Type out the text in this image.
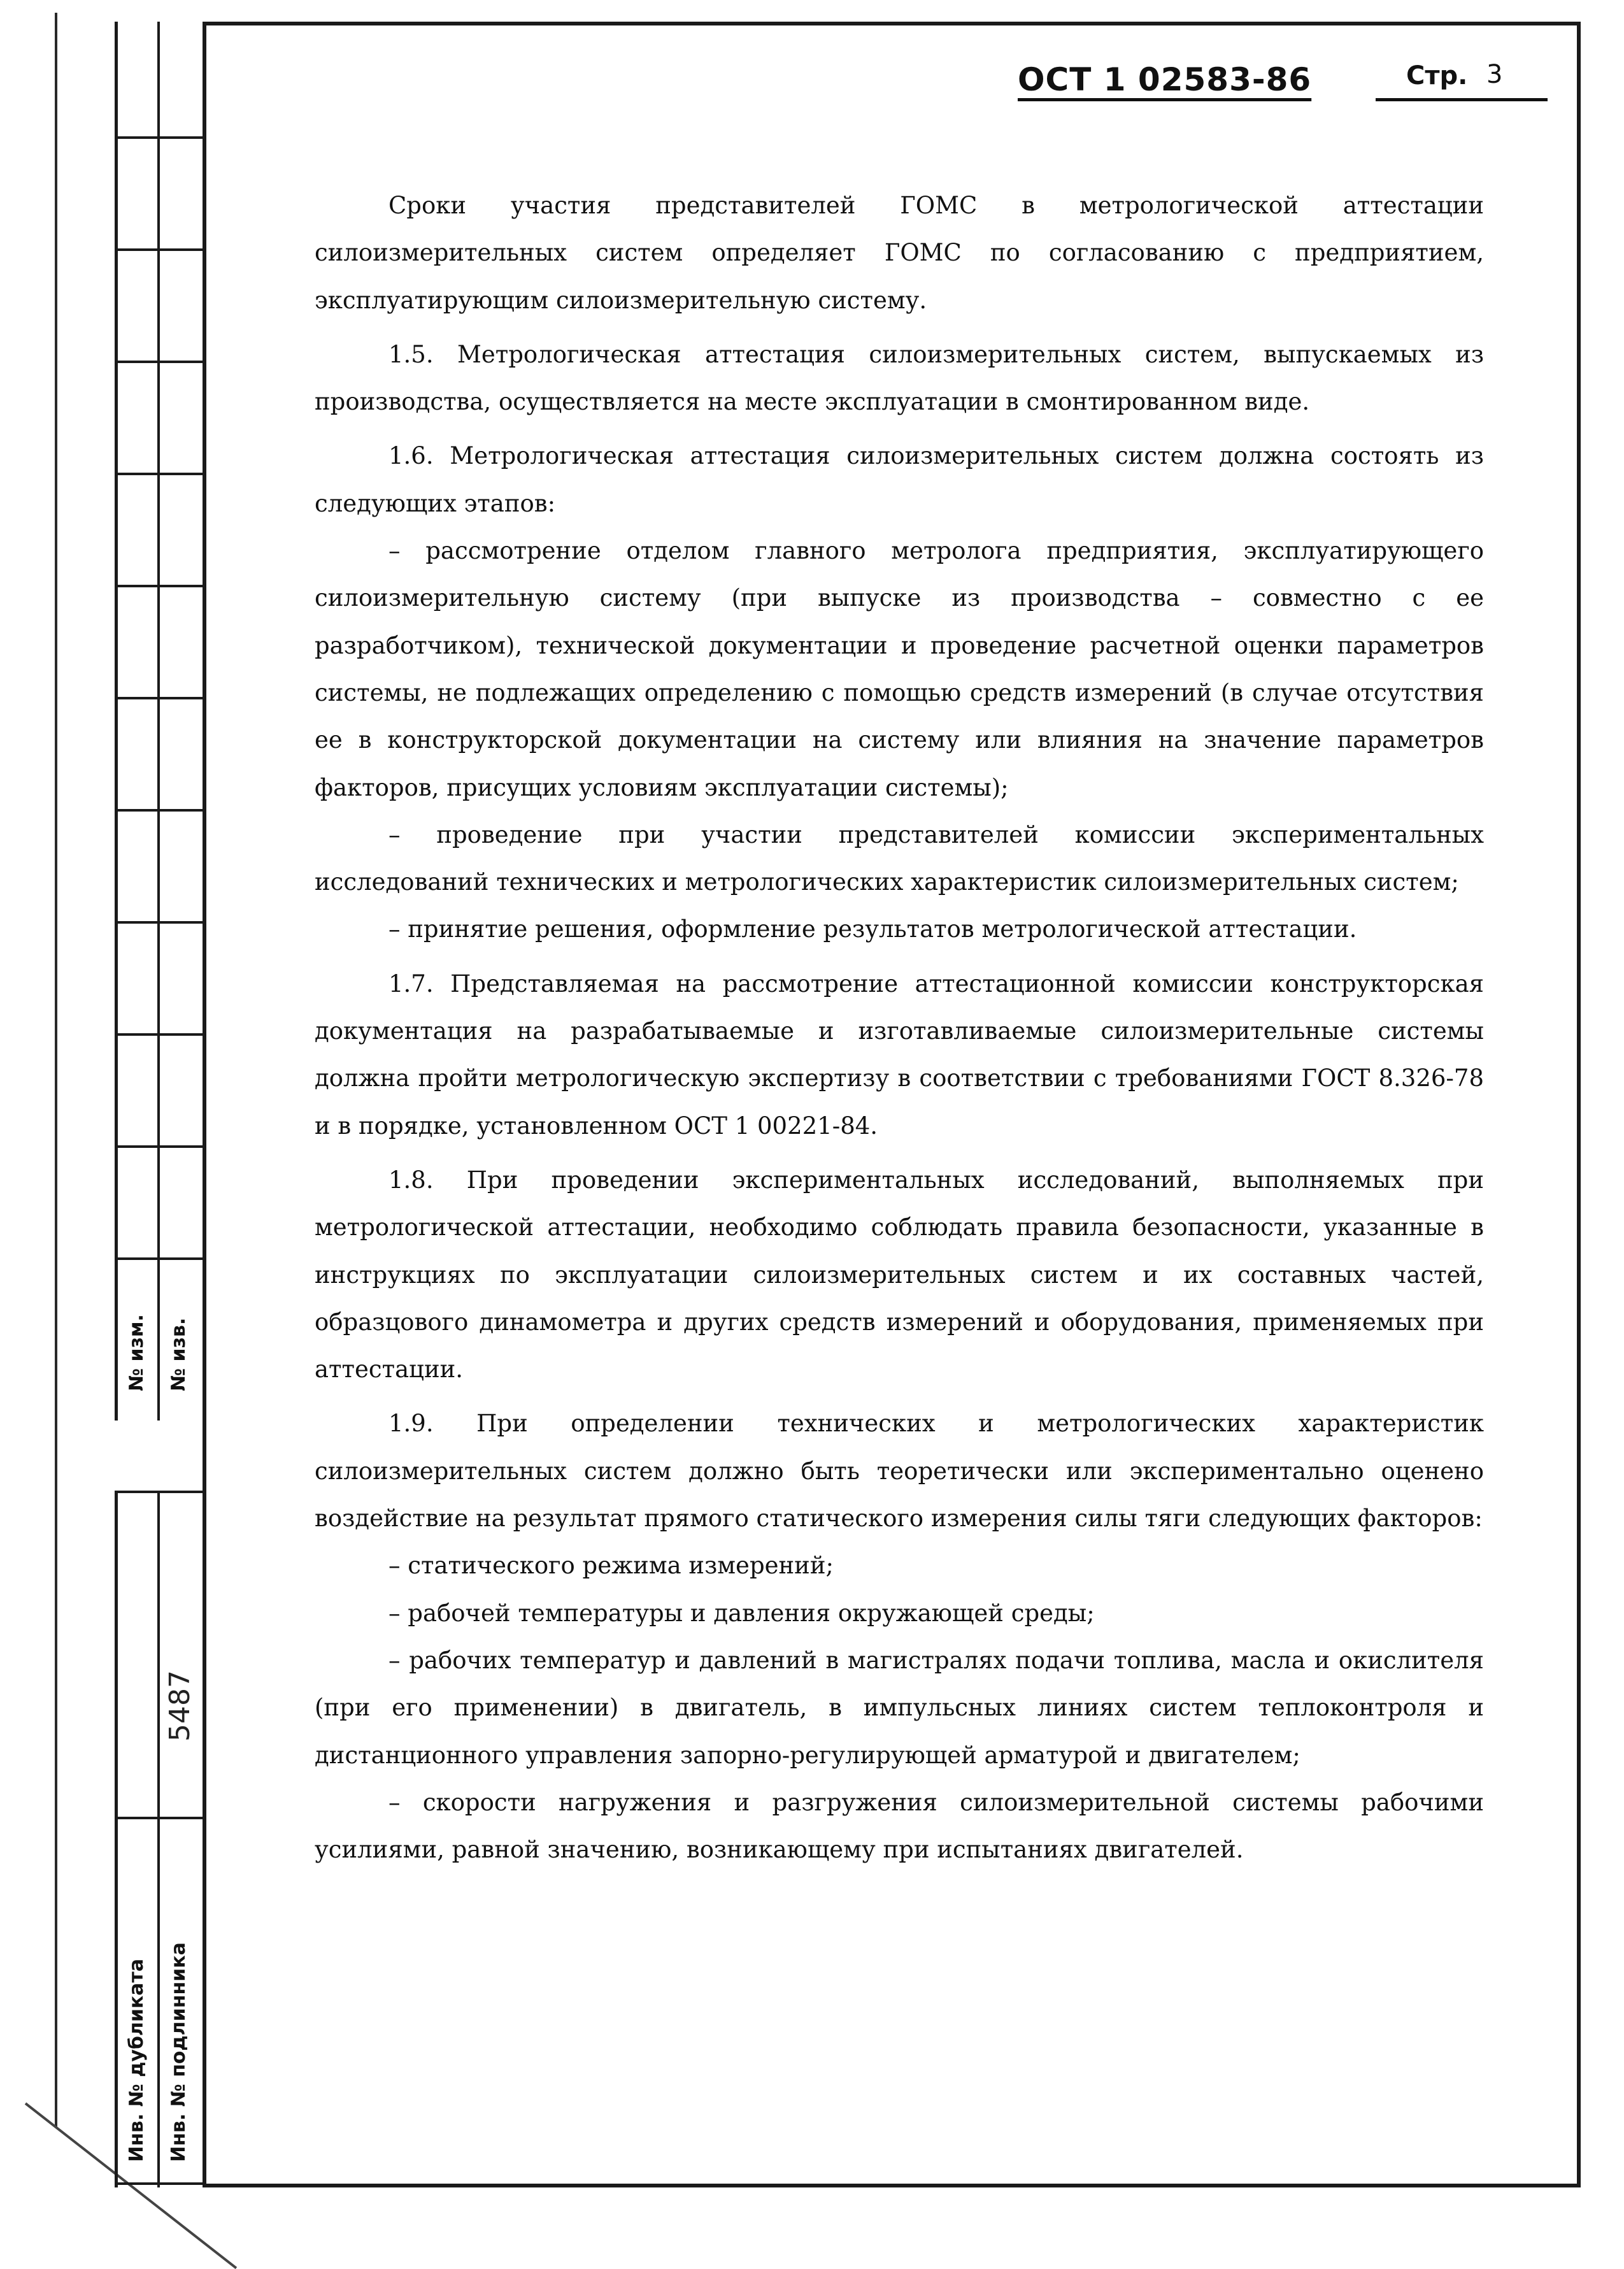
№ изм. № изв.
5487
Инв. № дубликата Инв. № подлинника
ОСТ 1 02583-86	Стр. 3

Сроки участия представителей ГОМС в метрологической аттестации силоизмерительных систем определяет ГОМС по согласованию с предприятием, эксплуатирующим силоизмерительную систему.

1.5. Метрологическая аттестация силоизмерительных систем, выпускаемых из производства, осуществляется на месте эксплуатации в смонтированном виде.

1.6. Метрологическая аттестация силоизмерительных систем должна состоять из следующих этапов:

– рассмотрение отделом главного метролога предприятия, эксплуатирующего силоизмерительную систему (при выпуске из производства – совместно с ее разработчиком), технической документации и проведение расчетной оценки параметров системы, не подлежащих определению с помощью средств измерений (в случае отсутствия ее в конструкторской документации на систему или влияния на значение параметров факторов, присущих условиям эксплуатации системы);

– проведение при участии представителей комиссии экспериментальных исследований технических и метрологических характеристик силоизмерительных систем;

– принятие решения, оформление результатов метрологической аттестации.

1.7. Представляемая на рассмотрение аттестационной комиссии конструкторская документация на разрабатываемые и изготавливаемые силоизмерительные системы должна пройти метрологическую экспертизу в соответствии с требованиями ГОСТ 8.326-78 и в порядке, установленном ОСТ 1 00221-84.

1.8. При проведении экспериментальных исследований, выполняемых при метрологической аттестации, необходимо соблюдать правила безопасности, указанные в инструкциях по эксплуатации силоизмерительных систем и их составных частей, образцового динамометра и других средств измерений и оборудования, применяемых при аттестации.

1.9. При определении технических и метрологических характеристик силоизмерительных систем должно быть теоретически или экспериментально оценено воздействие на результат прямого статического измерения силы тяги следующих факторов:

– статического режима измерений;

– рабочей температуры и давления окружающей среды;

– рабочих температур и давлений в магистралях подачи топлива, масла и окислителя (при его применении) в двигатель, в импульсных линиях систем теплоконтроля и дистанционного управления запорно-регулирующей арматурой и двигателем;

– скорости нагружения и разгружения силоизмерительной системы рабочими усилиями, равной значению, возникающему при испытаниях двигателей.
